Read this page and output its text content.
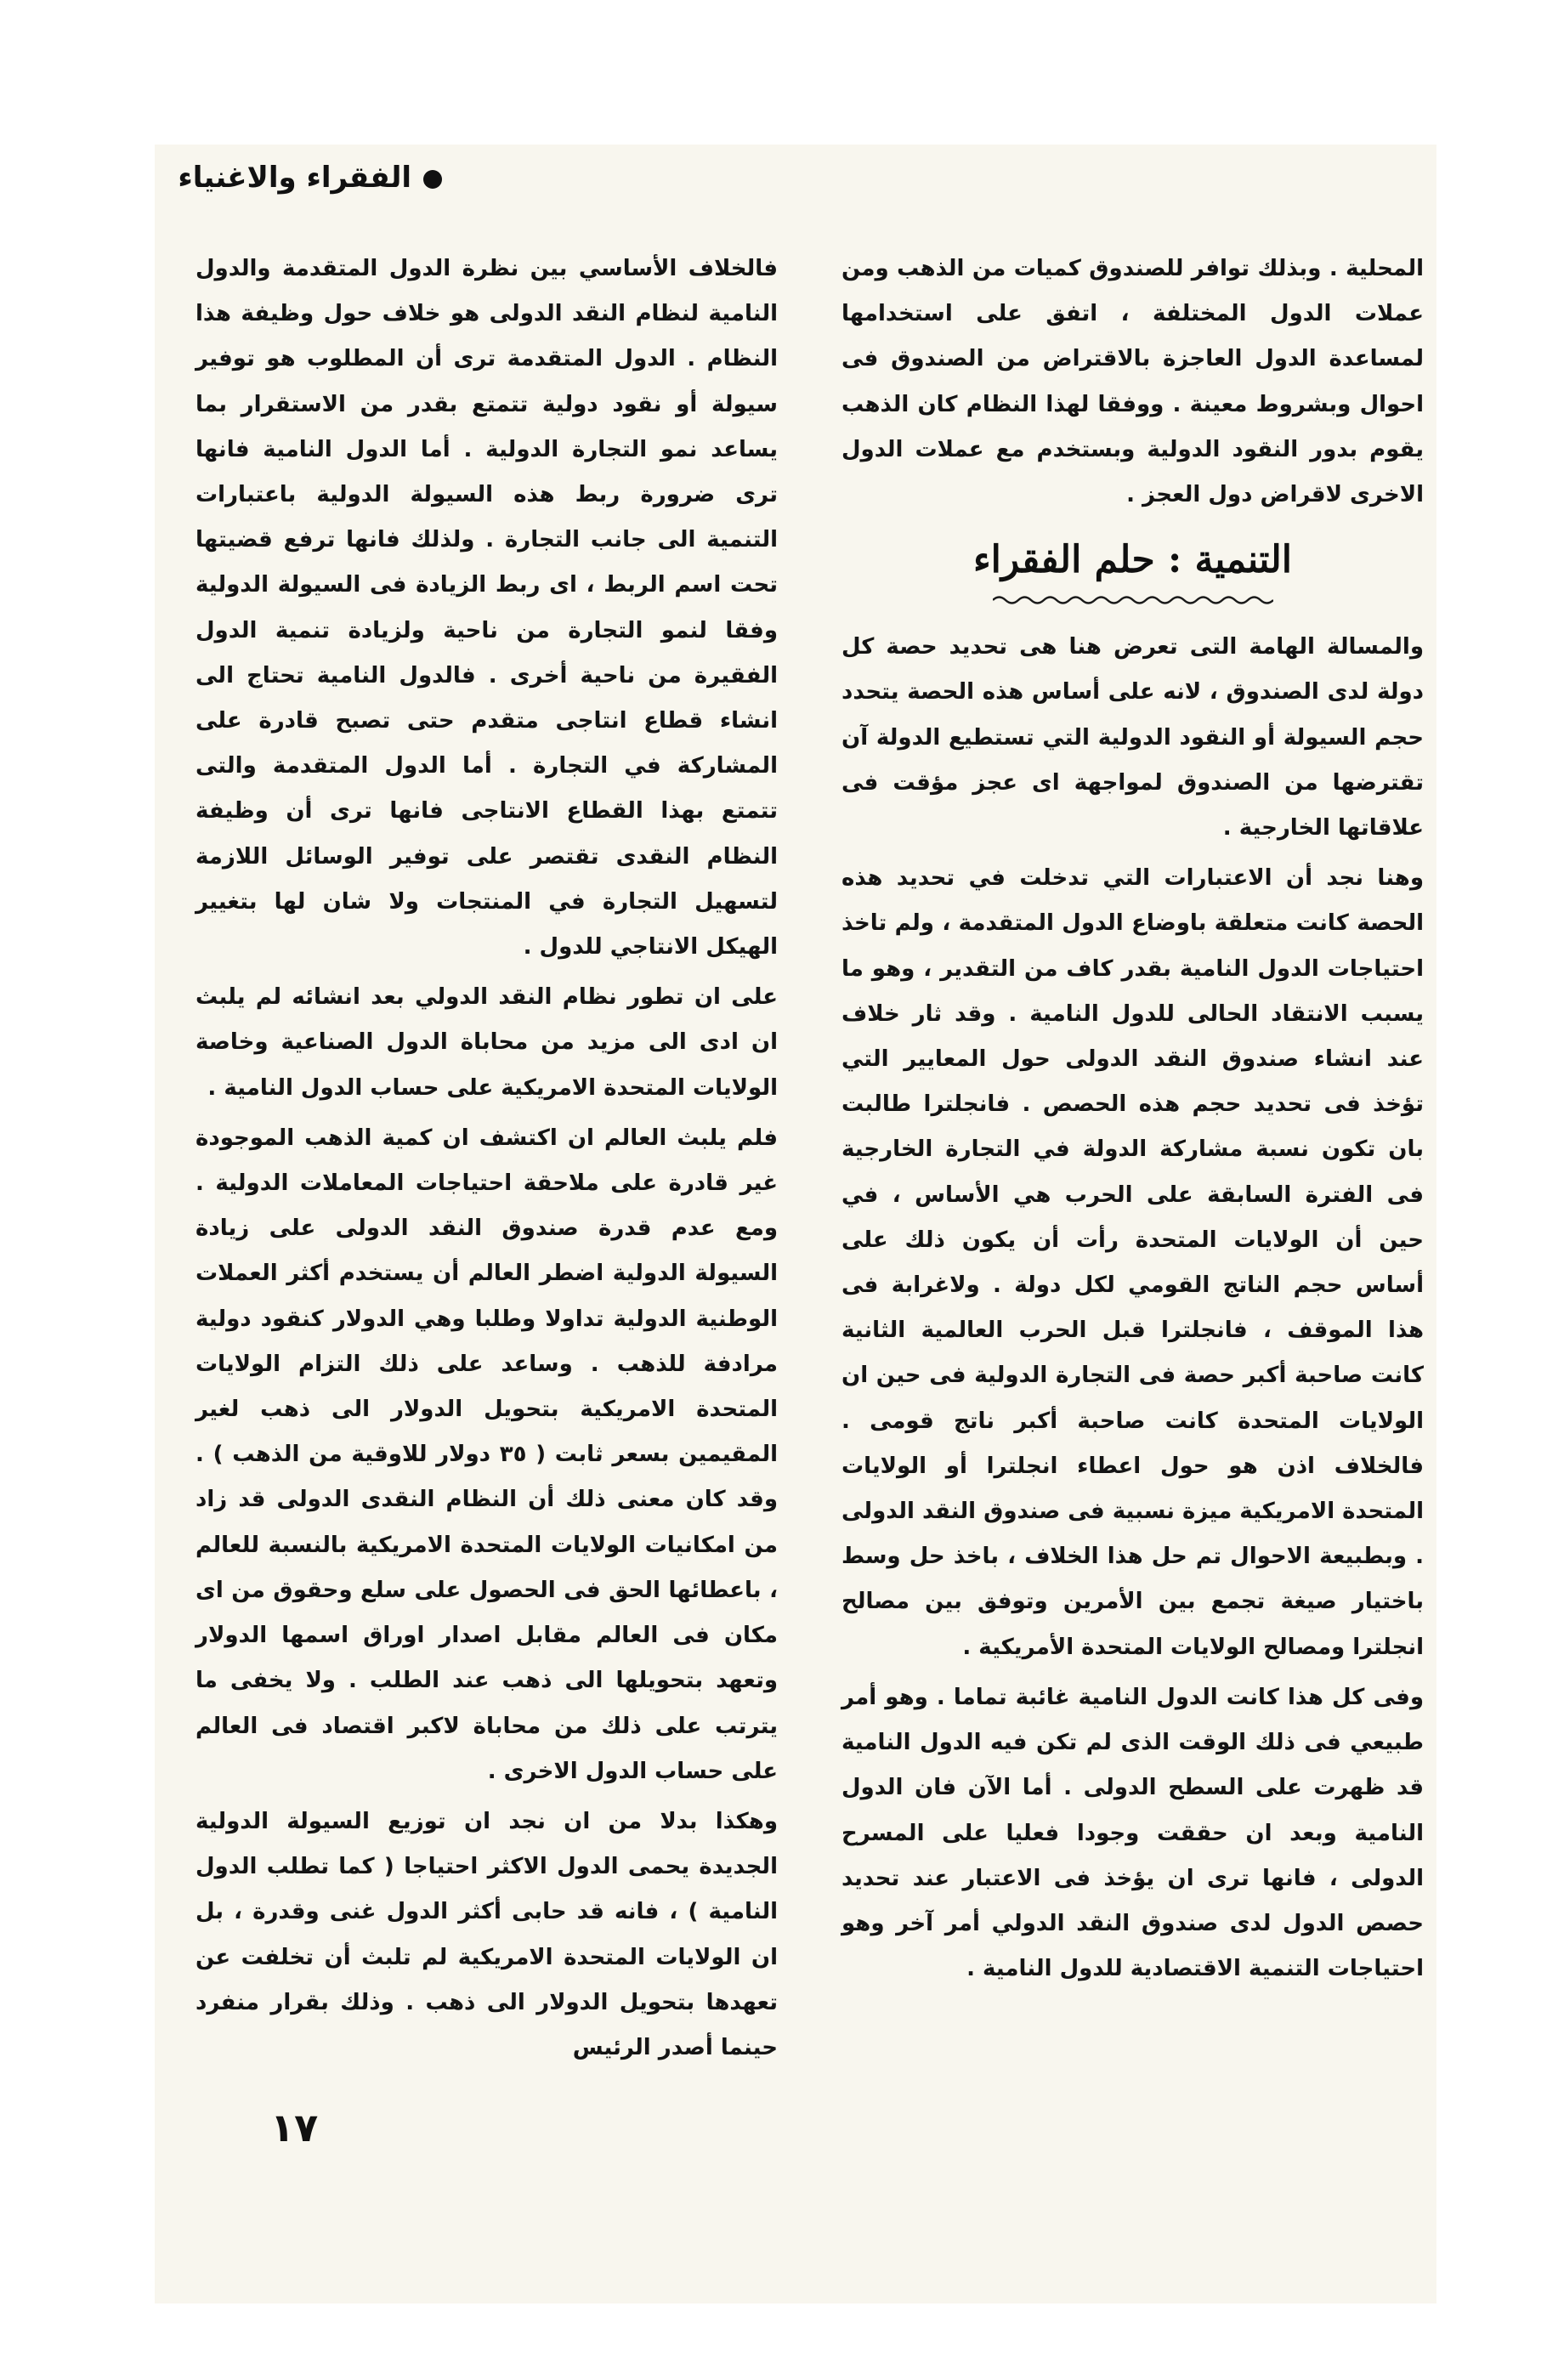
الفقراء والاغنياء

المحلية . وبذلك توافر للصندوق كميات من الذهب ومن عملات الدول المختلفة ، اتفق على استخدامها لمساعدة الدول العاجزة بالاقتراض من الصندوق فى احوال وبشروط معينة . ووفقا لهذا النظام كان الذهب يقوم بدور النقود الدولية وبستخدم مع عملات الدول الاخرى لاقراض دول العجز .

التنمية : حلم الفقراء

والمسالة الهامة التى تعرض هنا هى تحديد حصة كل دولة لدى الصندوق ، لانه على أساس هذه الحصة يتحدد حجم السيولة أو النقود الدولية التي تستطيع الدولة آن تقترضها من الصندوق لمواجهة اى عجز مؤقت فى علاقاتها الخارجية .

وهنا نجد أن الاعتبارات التي تدخلت في تحديد هذه الحصة كانت متعلقة باوضاع الدول المتقدمة ، ولم تاخذ احتياجات الدول النامية بقدر كاف من التقدير ، وهو ما يسبب الانتقاد الحالى للدول النامية . وقد ثار خلاف عند انشاء صندوق النقد الدولى حول المعايير التي تؤخذ فى تحديد حجم هذه الحصص . فانجلترا طالبت بان تكون نسبة مشاركة الدولة في التجارة الخارجية فى الفترة السابقة على الحرب هي الأساس ، في حين أن الولايات المتحدة رأت أن يكون ذلك على أساس حجم الناتج القومي لكل دولة . ولاغرابة فى هذا الموقف ، فانجلترا قبل الحرب العالمية الثانية كانت صاحبة أكبر حصة فى التجارة الدولية فى حين ان الولايات المتحدة كانت صاحبة أكبر ناتج قومى . فالخلاف اذن هو حول اعطاء انجلترا أو الولايات المتحدة الامريكية ميزة نسبية فى صندوق النقد الدولى . وبطبيعة الاحوال تم حل هذا الخلاف ، باخذ حل وسط باختيار صيغة تجمع بين الأمرين وتوفق بين مصالح انجلترا ومصالح الولايات المتحدة الأمريكية .

وفى كل هذا كانت الدول النامية غائبة تماما . وهو أمر طبيعي فى ذلك الوقت الذى لم تكن فيه الدول النامية قد ظهرت على السطح الدولى . أما الآن فان الدول النامية وبعد ان حققت وجودا فعليا على المسرح الدولى ، فانها ترى ان يؤخذ فى الاعتبار عند تحديد حصص الدول لدى صندوق النقد الدولي أمر آخر وهو احتياجات التنمية الاقتصادية للدول النامية .

فالخلاف الأساسي بين نظرة الدول المتقدمة والدول النامية لنظام النقد الدولى هو خلاف حول وظيفة هذا النظام . الدول المتقدمة ترى أن المطلوب هو توفير سيولة أو نقود دولية تتمتع بقدر من الاستقرار بما يساعد نمو التجارة الدولية . أما الدول النامية فانها ترى ضرورة ربط هذه السيولة الدولية باعتبارات التنمية الى جانب التجارة . ولذلك فانها ترفع قضيتها تحت اسم الربط ، اى ربط الزيادة فى السيولة الدولية وفقا لنمو التجارة من ناحية ولزيادة تنمية الدول الفقيرة من ناحية أخرى . فالدول النامية تحتاج الى انشاء قطاع انتاجى متقدم حتى تصبح قادرة على المشاركة في التجارة . أما الدول المتقدمة والتى تتمتع بهذا القطاع الانتاجى فانها ترى أن وظيفة النظام النقدى تقتصر على توفير الوسائل اللازمة لتسهيل التجارة في المنتجات ولا شان لها بتغيير الهيكل الانتاجي للدول .

على ان تطور نظام النقد الدولي بعد انشائه لم يلبث ان ادى الى مزيد من محاباة الدول الصناعية وخاصة الولايات المتحدة الامريكية على حساب الدول النامية .

فلم يلبث العالم ان اكتشف ان كمية الذهب الموجودة غير قادرة على ملاحقة احتياجات المعاملات الدولية . ومع عدم قدرة صندوق النقد الدولى على زيادة السيولة الدولية اضطر العالم أن يستخدم أكثر العملات الوطنية الدولية تداولا وطلبا وهي الدولار كنقود دولية مرادفة للذهب . وساعد على ذلك التزام الولايات المتحدة الامريكية بتحويل الدولار الى ذهب لغير المقيمين بسعر ثابت ( ٣٥ دولار للاوقية من الذهب ) . وقد كان معنى ذلك أن النظام النقدى الدولى قد زاد من امكانيات الولايات المتحدة الامريكية بالنسبة للعالم ، باعطائها الحق فى الحصول على سلع وحقوق من اى مكان فى العالم مقابل اصدار اوراق اسمها الدولار وتعهد بتحويلها الى ذهب عند الطلب . ولا يخفى ما يترتب على ذلك من محاباة لاكبر اقتصاد فى العالم على حساب الدول الاخرى .

وهكذا بدلا من ان نجد ان توزيع السيولة الدولية الجديدة يحمى الدول الاكثر احتياجا ( كما تطلب الدول النامية ) ، فانه قد حابى أكثر الدول غنى وقدرة ، بل ان الولايات المتحدة الامريكية لم تلبث أن تخلفت عن تعهدها بتحويل الدولار الى ذهب . وذلك بقرار منفرد حينما أصدر الرئيس

١٧
